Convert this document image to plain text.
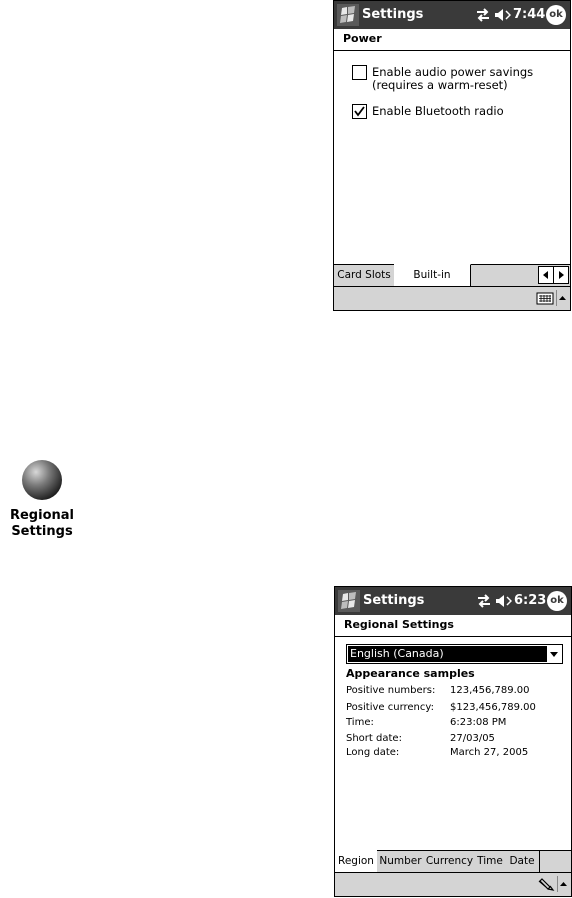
Settings	7:44 ok
Power
Enable audio power savings
(requires a warm-reset)
Enable Bluetooth radio
Card Slots	Built-in
Regional
Settings
Settings	6:23 ok
Regional Settings
English (Canada)
Appearance samples
Positive numbers: 123,456,789.00
Positive currency: $123,456,789.00
Time:	6:23:08 PM
Short date:	27/03/05
Long date:	March 27, 2005
Region Number Currency Time Date
